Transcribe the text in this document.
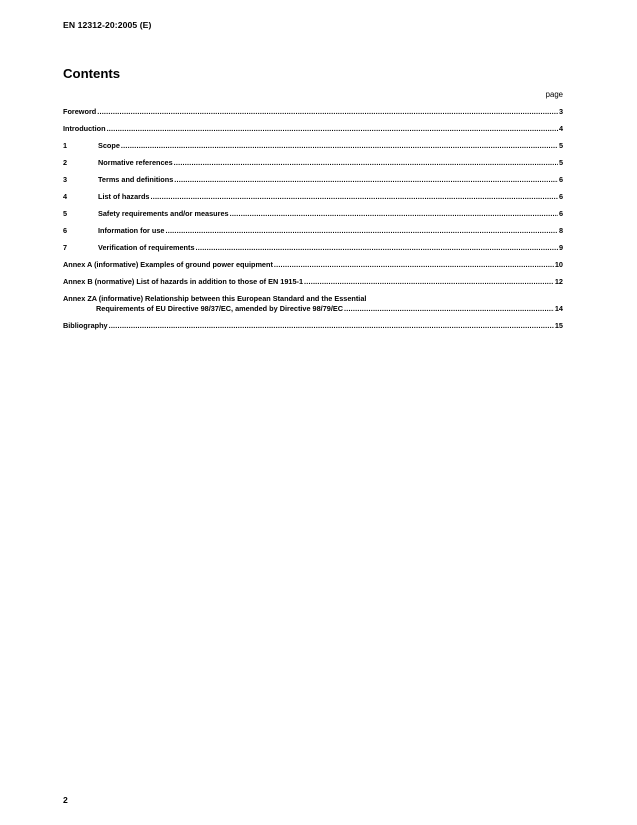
EN 12312-20:2005 (E)
Contents
page
Foreword .....	3
Introduction .....	4
1	Scope .....	5
2	Normative references .....	5
3	Terms and definitions .....	6
4	List of hazards .....	6
5	Safety requirements and/or measures .....	6
6	Information for use .....	8
7	Verification of requirements .....	9
Annex A (informative) Examples of ground power equipment .....	10
Annex B (normative) List of hazards in addition to those of EN 1915-1 .....	12
Annex ZA (informative) Relationship between this European Standard and the Essential
Requirements of EU Directive 98/37/EC, amended by Directive 98/79/EC .....	14
Bibliography .....	15
2
